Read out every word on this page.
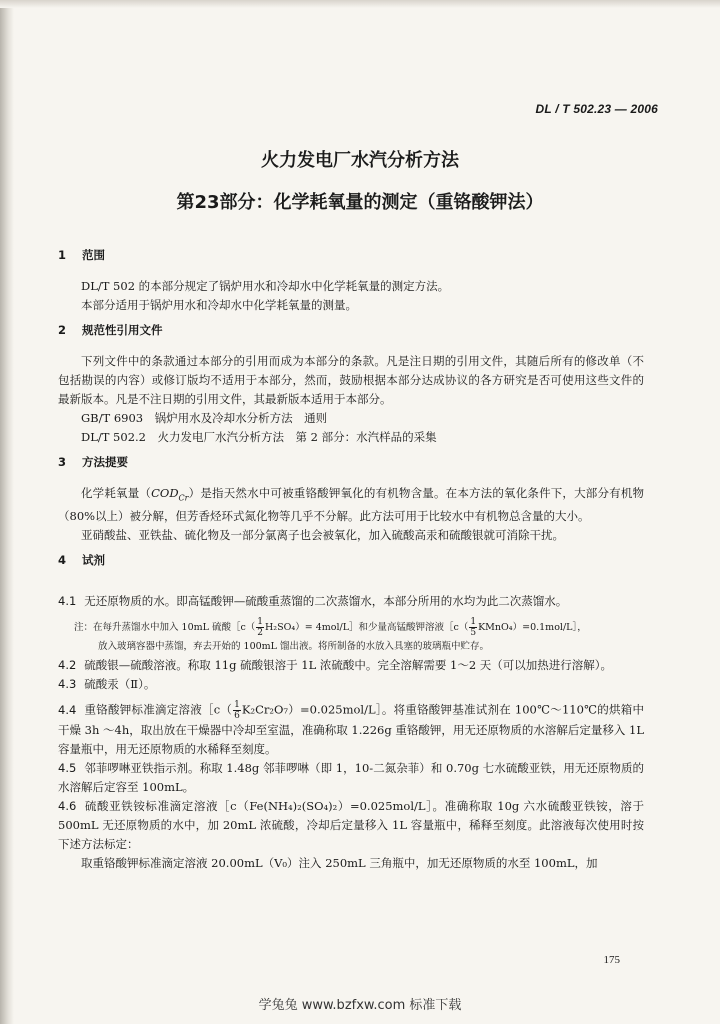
DL / T 502.23 — 2006
火力发电厂水汽分析方法
第23部分：化学耗氧量的测定（重铬酸钾法）

1 范围

DL/T 502 的本部分规定了锅炉用水和冷却水中化学耗氧量的测定方法。

本部分适用于锅炉用水和冷却水中化学耗氧量的测量。

2 规范性引用文件

下列文件中的条款通过本部分的引用而成为本部分的条款。凡是注日期的引用文件，其随后所有的修改单（不包括勘误的内容）或修订版均不适用于本部分，然而，鼓励根据本部分达成协议的各方研究是否可使用这些文件的最新版本。凡是不注日期的引用文件，其最新版本适用于本部分。

GB/T 6903　锅炉用水及冷却水分析方法　通则

DL/T 502.2　火力发电厂水汽分析方法　第 2 部分：水汽样品的采集

3 方法提要

化学耗氧量$(COD_{Cr})$是指天然水中可被重铬酸钾氧化的有机物含量。在本方法的氧化条件下，大部分有机物（80%以上）被分解，但芳香烃环式氮化物等几乎不分解。此方法可用于比较水中有机物总含量的大小。

亚硝酸盐、亚铁盐、硫化物及一部分氯离子也会被氧化，加入硫酸高汞和硫酸银就可消除干扰。

4 试剂

4.1 无还原物质的水。即高锰酸钾—硫酸重蒸馏的二次蒸馏水，本部分所用的水均为此二次蒸馏水。

注：在每升蒸馏水中加入 10mL 硫酸［c（ $\frac{1}{2} H_2SO_4)=$ 4mol/L］和少量高锰酸钾溶液［c（ $\frac{1}{5}$ KMnO₄）=0.1mol/L］，

放入玻璃容器中蒸馏，弃去开始的 100mL 馏出液。将所制备的水放入具塞的玻璃瓶中贮存。

4.2 硫酸银—硫酸溶液。称取 11g 硫酸银溶于 1L 浓硫酸中。完全溶解需要 1～2 天（可以加热进行溶解）。

4.3 硫酸汞（Ⅱ）。

4.4 重铬酸钾标准滴定溶液［c（ $\frac{1}{6}$ K₂Cr₂O₇）=0.025mol/L］。将重铬酸钾基准试剂在 100℃～110℃的烘箱中干燥 3h ～4h，取出放在干燥器中冷却至室温，准确称取 1.226g 重铬酸钾，用无还原物质的水溶解后定量移入 1L 容量瓶中，用无还原物质的水稀释至刻度。

4.5 邻菲啰啉亚铁指示剂。称取 1.48g 邻菲啰啉（即 1，10-二氮杂菲）和 0.70g 七水硫酸亚铁，用无还原物质的水溶解后定容至 100mL。

4.6 硫酸亚铁铵标准滴定溶液［c（Fe(NH₄)₂(SO₄)₂）=0.025mol/L］。准确称取 10g 六水硫酸亚铁铵，溶于 500mL 无还原物质的水中，加 20mL 浓硫酸，冷却后定量移入 1L 容量瓶中，稀释至刻度。此溶液每次使用时按下述方法标定：

取重铬酸钾标准滴定溶液 20.00mL（V₀）注入 250mL 三角瓶中，加无还原物质的水至 100mL，加

175
学兔兔 www.bzfxw.com 标准下载
